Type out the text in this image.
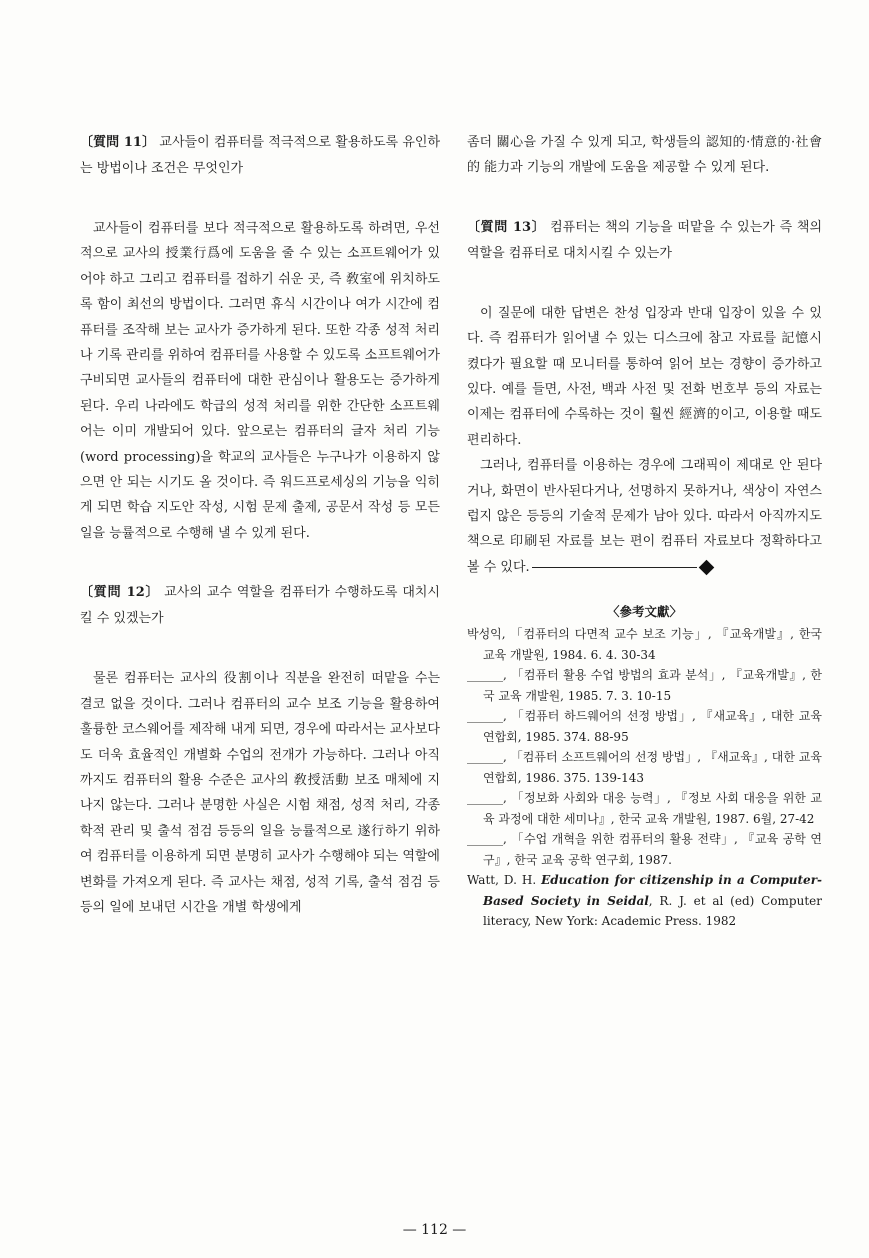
〔質問 11〕 교사들이 컴퓨터를 적극적으로 활용하도록 유인하는 방법이나 조건은 무엇인가

교사들이 컴퓨터를 보다 적극적으로 활용하도록 하려면, 우선적으로 교사의 授業行爲에 도움을 줄 수 있는 소프트웨어가 있어야 하고 그리고 컴퓨터를 접하기 쉬운 곳, 즉 敎室에 위치하도록 함이 최선의 방법이다. 그러면 휴식 시간이나 여가 시간에 컴퓨터를 조작해 보는 교사가 증가하게 된다. 또한 각종 성적 처리나 기록 관리를 위하여 컴퓨터를 사용할 수 있도록 소프트웨어가 구비되면 교사들의 컴퓨터에 대한 관심이나 활용도는 증가하게 된다. 우리 나라에도 학급의 성적 처리를 위한 간단한 소프트웨어는 이미 개발되어 있다. 앞으로는 컴퓨터의 글자 처리 기능(word processing)을 학교의 교사들은 누구나가 이용하지 않으면 안 되는 시기도 올 것이다. 즉 워드프로세싱의 기능을 익히게 되면 학습 지도안 작성, 시험 문제 출제, 공문서 작성 등 모든 일을 능률적으로 수행해 낼 수 있게 된다.

〔質問 12〕 교사의 교수 역할을 컴퓨터가 수행하도록 대치시킬 수 있겠는가

물론 컴퓨터는 교사의 役割이나 직분을 완전히 떠맡을 수는 결코 없을 것이다. 그러나 컴퓨터의 교수 보조 기능을 활용하여 훌륭한 코스웨어를 제작해 내게 되면, 경우에 따라서는 교사보다도 더욱 효율적인 개별화 수업의 전개가 가능하다. 그러나 아직까지도 컴퓨터의 활용 수준은 교사의 敎授活動 보조 매체에 지나지 않는다. 그러나 분명한 사실은 시험 채점, 성적 처리, 각종 학적 관리 및 출석 점검 등등의 일을 능률적으로 遂行하기 위하여 컴퓨터를 이용하게 되면 분명히 교사가 수행해야 되는 역할에 변화를 가져오게 된다. 즉 교사는 채점, 성적 기록, 출석 점검 등등의 일에 보내던 시간을 개별 학생에게

좀더 關心을 가질 수 있게 되고, 학생들의 認知的·情意的·社會的 能力과 기능의 개발에 도움을 제공할 수 있게 된다.

〔質問 13〕 컴퓨터는 책의 기능을 떠맡을 수 있는가 즉 책의 역할을 컴퓨터로 대치시킬 수 있는가

이 질문에 대한 답변은 찬성 입장과 반대 입장이 있을 수 있다. 즉 컴퓨터가 읽어낼 수 있는 디스크에 참고 자료를 記憶시켰다가 필요할 때 모니터를 통하여 읽어 보는 경향이 증가하고 있다. 예를 들면, 사전, 백과 사전 및 전화 번호부 등의 자료는 이제는 컴퓨터에 수록하는 것이 훨씬 經濟的이고, 이용할 때도 편리하다.

그러나, 컴퓨터를 이용하는 경우에 그래픽이 제대로 안 된다거나, 화면이 반사된다거나, 선명하지 못하거나, 색상이 자연스럽지 않은 등등의 기술적 문제가 남아 있다. 따라서 아직까지도 책으로 印刷된 자료를 보는 편이 컴퓨터 자료보다 정확하다고 볼 수 있다.

〈參考文獻〉

박성익, 「컴퓨터의 다면적 교수 보조 기능」, 『교육개발』, 한국 교육 개발원, 1984. 6. 4. 30-34

______, 「컴퓨터 활용 수업 방법의 효과 분석」, 『교육개발』, 한국 교육 개발원, 1985. 7. 3. 10-15

______, 「컴퓨터 하드웨어의 선정 방법」, 『새교육』, 대한 교육 연합회, 1985. 374. 88-95

______, 「컴퓨터 소프트웨어의 선정 방법」, 『새교육』, 대한 교육 연합회, 1986. 375. 139-143

______, 「정보화 사회와 대응 능력」, 『정보 사회 대응을 위한 교육 과정에 대한 세미나』, 한국 교육 개발원, 1987. 6월, 27-42

______, 「수업 개혁을 위한 컴퓨터의 활용 전략」, 『교육 공학 연구』, 한국 교육 공학 연구회, 1987.

Watt, D. H. Education for citizenship in a Computer-Based Society in Seidal, R. J. et al (ed) Computer literacy, New York: Academic Press. 1982

— 112 —
